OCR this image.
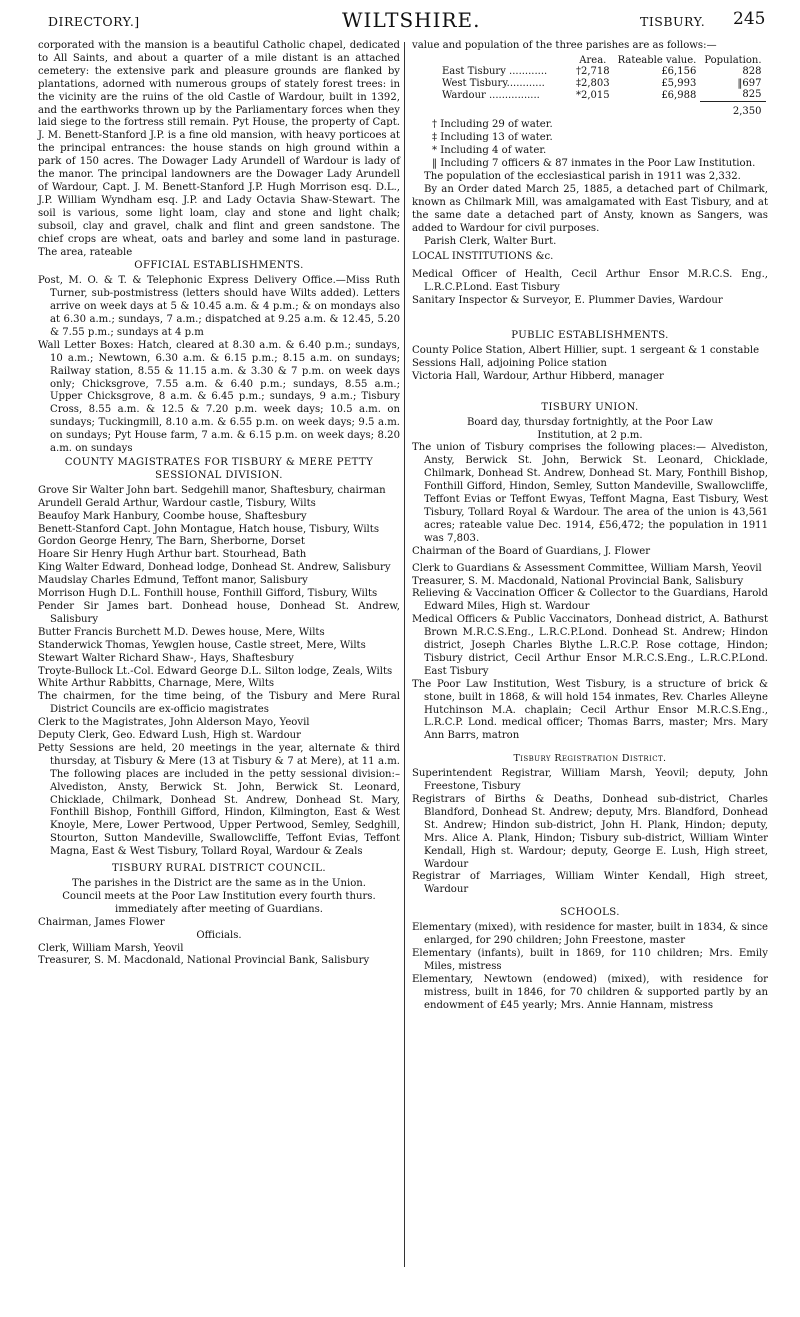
DIRECTORY.]	WILTSHIRE.	TISBURY. 245

corporated with the mansion is a beautiful Catholic chapel, dedicated to All Saints, and about a quarter of a mile distant is an attached cemetery: the extensive park and pleasure grounds are flanked by plantations, adorned with numerous groups of stately forest trees: in the vicinity are the ruins of the old Castle of Wardour, built in 1392, and the earthworks thrown up by the Parliamentary forces when they laid siege to the fortress still remain. Pyt House, the property of Capt. J. M. Benett-Stanford J.P. is a fine old mansion, with heavy porticoes at the principal entrances: the house stands on high ground within a park of 150 acres. The Dowager Lady Arundell of Wardour is lady of the manor. The principal landowners are the Dowager Lady Arundell of Wardour, Capt. J. M. Benett-Stanford J.P. Hugh Morrison esq. D.L., J.P. William Wyndham esq. J.P. and Lady Octavia Shaw-Stewart. The soil is various, some light loam, clay and stone and light chalk; subsoil, clay and gravel, chalk and flint and green sandstone. The chief crops are wheat, oats and barley and some land in pasturage. The area, rateable

OFFICIAL ESTABLISHMENTS.

Post, M. O. & T. & Telephonic Express Delivery Office.—Miss Ruth Turner, sub-postmistress (letters should have Wilts added). Letters arrive on week days at 5 & 10.45 a.m. & 4 p.m.; & on mondays also at 6.30 a.m.; sundays, 7 a.m.; dispatched at 9.25 a.m. & 12.45, 5.20 & 7.55 p.m.; sundays at 4 p.m

Wall Letter Boxes: Hatch, cleared at 8.30 a.m. & 6.40 p.m.; sundays, 10 a.m.; Newtown, 6.30 a.m. & 6.15 p.m.; 8.15 a.m. on sundays; Railway station, 8.55 & 11.15 a.m. & 3.30 & 7 p.m. on week days only; Chicksgrove, 7.55 a.m. & 6.40 p.m.; sundays, 8.55 a.m.; Upper Chicksgrove, 8 a.m. & 6.45 p.m.; sundays, 9 a.m.; Tisbury Cross, 8.55 a.m. & 12.5 & 7.20 p.m. week days; 10.5 a.m. on sundays; Tuckingmill, 8.10 a.m. & 6.55 p.m. on week days; 9.5 a.m. on sundays; Pyt House farm, 7 a.m. & 6.15 p.m. on week days; 8.20 a.m. on sundays

COUNTY MAGISTRATES FOR TISBURY & MERE PETTY SESSIONAL DIVISION.

Grove Sir Walter John bart. Sedgehill manor, Shaftesbury, chairman

Arundell Gerald Arthur, Wardour castle, Tisbury, Wilts

Beaufoy Mark Hanbury, Coombe house, Shaftesbury

Benett-Stanford Capt. John Montague, Hatch house, Tisbury, Wilts

Gordon George Henry, The Barn, Sherborne, Dorset

Hoare Sir Henry Hugh Arthur bart. Stourhead, Bath

King Walter Edward, Donhead lodge, Donhead St. Andrew, Salisbury

Maudslay Charles Edmund, Teffont manor, Salisbury

Morrison Hugh D.L. Fonthill house, Fonthill Gifford, Tisbury, Wilts

Pender Sir James bart. Donhead house, Donhead St. Andrew, Salisbury

Butter Francis Burchett M.D. Dewes house, Mere, Wilts

Standerwick Thomas, Yewglen house, Castle street, Mere, Wilts

Stewart Walter Richard Shaw-, Hays, Shaftesbury

Troyte-Bullock Lt.-Col. Edward George D.L. Silton lodge, Zeals, Wilts

White Arthur Rabbitts, Charnage, Mere, Wilts

The chairmen, for the time being, of the Tisbury and Mere Rural District Councils are ex-officio magistrates

Clerk to the Magistrates, John Alderson Mayo, Yeovil

Deputy Clerk, Geo. Edward Lush, High st. Wardour

Petty Sessions are held, 20 meetings in the year, alternate & third thursday, at Tisbury & Mere (13 at Tisbury & 7 at Mere), at 11 a.m. The following places are included in the petty sessional division:– Alvediston, Ansty, Berwick St. John, Berwick St. Leonard, Chicklade, Chilmark, Donhead St. Andrew, Donhead St. Mary, Fonthill Bishop, Fonthill Gifford, Hindon, Kilmington, East & West Knoyle, Mere, Lower Pertwood, Upper Pertwood, Semley, Sedghill, Stourton, Sutton Mandeville, Swallowcliffe, Teffont Evias, Teffont Magna, East & West Tisbury, Tollard Royal, Wardour & Zeals

TISBURY RURAL DISTRICT COUNCIL.

The parishes in the District are the same as in the Union.

Council meets at the Poor Law Institution every fourth thurs. immediately after meeting of Guardians.

Chairman, James Flower

Officials.

Clerk, William Marsh, Yeovil

Treasurer, S. M. Macdonald, National Provincial Bank, Salisbury

value and population of the three parishes are as follows:—

	Area.	Rateable value.	Population.
East Tisbury ............	†2,718	£6,156	828
West Tisbury............	‡2,803	£5,993	‖697
Wardour ................	*2,015	£6,988	825
			2,350

† Including 29 of water.

‡ Including 13 of water.

* Including 4 of water.

‖ Including 7 officers & 87 inmates in the Poor Law Institution.

The population of the ecclesiastical parish in 1911 was 2,332.

By an Order dated March 25, 1885, a detached part of Chilmark, known as Chilmark Mill, was amalgamated with East Tisbury, and at the same date a detached part of Ansty, known as Sangers, was added to Wardour for civil purposes.

Parish Clerk, Walter Burt.

LOCAL INSTITUTIONS &c.

Medical Officer of Health, Cecil Arthur Ensor M.R.C.S. Eng., L.R.C.P.Lond. East Tisbury

Sanitary Inspector & Surveyor, E. Plummer Davies, Wardour

PUBLIC ESTABLISHMENTS.

County Police Station, Albert Hillier, supt. 1 sergeant & 1 constable

Sessions Hall, adjoining Police station

Victoria Hall, Wardour, Arthur Hibberd, manager

TISBURY UNION.

Board day, thursday fortnightly, at the Poor Law Institution, at 2 p.m.

The union of Tisbury comprises the following places:— Alvediston, Ansty, Berwick St. John, Berwick St. Leonard, Chicklade, Chilmark, Donhead St. Andrew, Donhead St. Mary, Fonthill Bishop, Fonthill Gifford, Hindon, Semley, Sutton Mandeville, Swallowcliffe, Teffont Evias or Teffont Ewyas, Teffont Magna, East Tisbury, West Tisbury, Tollard Royal & Wardour. The area of the union is 43,561 acres; rateable value Dec. 1914, £56,472; the population in 1911 was 7,803.

Chairman of the Board of Guardians, J. Flower

Clerk to Guardians & Assessment Committee, William Marsh, Yeovil

Treasurer, S. M. Macdonald, National Provincial Bank, Salisbury

Relieving & Vaccination Officer & Collector to the Guardians, Harold Edward Miles, High st. Wardour

Medical Officers & Public Vaccinators, Donhead district, A. Bathurst Brown M.R.C.S.Eng., L.R.C.P.Lond. Donhead St. Andrew; Hindon district, Joseph Charles Blythe L.R.C.P. Rose cottage, Hindon; Tisbury district, Cecil Arthur Ensor M.R.C.S.Eng., L.R.C.P.Lond. East Tisbury

The Poor Law Institution, West Tisbury, is a structure of brick & stone, built in 1868, & will hold 154 inmates, Rev. Charles Alleyne Hutchinson M.A. chaplain; Cecil Arthur Ensor M.R.C.S.Eng., L.R.C.P. Lond. medical officer; Thomas Barrs, master; Mrs. Mary Ann Barrs, matron

Tisbury Registration District.

Superintendent Registrar, William Marsh, Yeovil; deputy, John Freestone, Tisbury

Registrars of Births & Deaths, Donhead sub-district, Charles Blandford, Donhead St. Andrew; deputy, Mrs. Blandford, Donhead St. Andrew; Hindon sub-district, John H. Plank, Hindon; deputy, Mrs. Alice A. Plank, Hindon; Tisbury sub-district, William Winter Kendall, High st. Wardour; deputy, George E. Lush, High street, Wardour

Registrar of Marriages, William Winter Kendall, High street, Wardour

SCHOOLS.

Elementary (mixed), with residence for master, built in 1834, & since enlarged, for 290 children; John Freestone, master

Elementary (infants), built in 1869, for 110 children; Mrs. Emily Miles, mistress

Elementary, Newtown (endowed) (mixed), with residence for mistress, built in 1846, for 70 children & supported partly by an endowment of £45 yearly; Mrs. Annie Hannam, mistress
